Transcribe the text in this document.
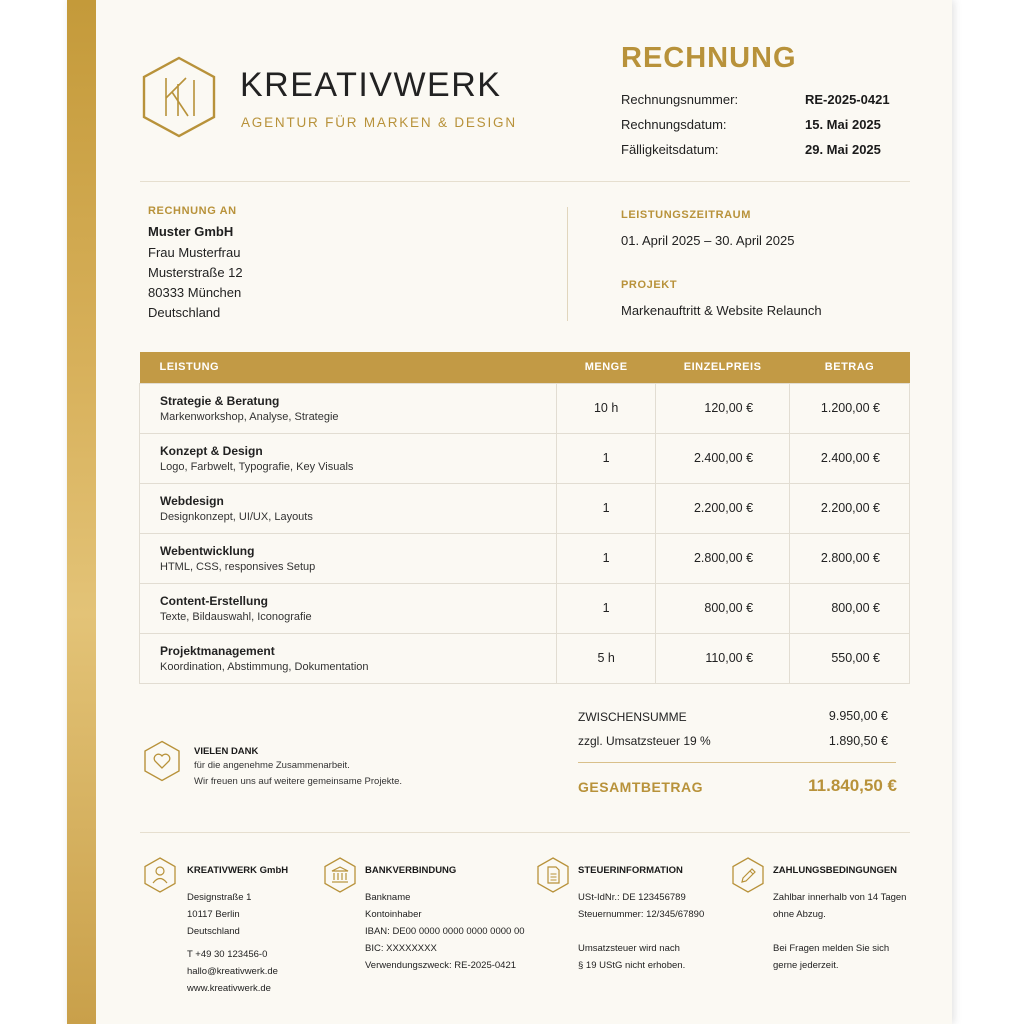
KREATIVWERK
AGENTUR FÜR MARKEN & DESIGN
RECHNUNG
Rechnungsnummer:	RE-2025-0421
Rechnungsdatum:	15. Mai 2025
Fälligkeitsdatum:	29. Mai 2025
RECHNUNG AN
Muster GmbH
Frau Musterfrau
Musterstraße 12
80333 München
Deutschland
LEISTUNGSZEITRAUM
01. April 2025 – 30. April 2025
PROJEKT
Markenauftritt & Website Relaunch
LEISTUNG	MENGE	EINZELPREIS	BETRAG

Strategie & Beratung
Markenworkshop, Analyse, Strategie	10 h	120,00 €	1.200,00 €

Konzept & Design
Logo, Farbwelt, Typografie, Key Visuals	1	2.400,00 €	2.400,00 €

Webdesign
Designkonzept, UI/UX, Layouts	1	2.200,00 €	2.200,00 €

Webentwicklung
HTML, CSS, responsives Setup	1	2.800,00 €	2.800,00 €

Content-Erstellung
Texte, Bildauswahl, Iconografie	1	800,00 €	800,00 €

Projektmanagement
Koordination, Abstimmung, Dokumentation	5 h	110,00 €	550,00 €
VIELEN DANK
für die angenehme Zusammenarbeit.
Wir freuen uns auf weitere gemeinsame Projekte.
ZWISCHENSUMME	9.950,00 €
zzgl. Umsatzsteuer 19 %	1.890,50 €
GESAMTBETRAG	11.840,50 €
KREATIVWERK GmbH
Designstraße 1
10117 Berlin
Deutschland
T +49 30 123456-0
hallo@kreativwerk.de
www.kreativwerk.de
BANKVERBINDUNG
Bankname
Kontoinhaber
IBAN: DE00 0000 0000 0000 0000 00
BIC: XXXXXXXX
Verwendungszweck: RE-2025-0421
STEUERINFORMATION
USt-IdNr.: DE 123456789
Steuernummer: 12/345/67890
Umsatzsteuer wird nach
§ 19 UStG nicht erhoben.
ZAHLUNGSBEDINGUNGEN
Zahlbar innerhalb von 14 Tagen
ohne Abzug.
Bei Fragen melden Sie sich
gerne jederzeit.
